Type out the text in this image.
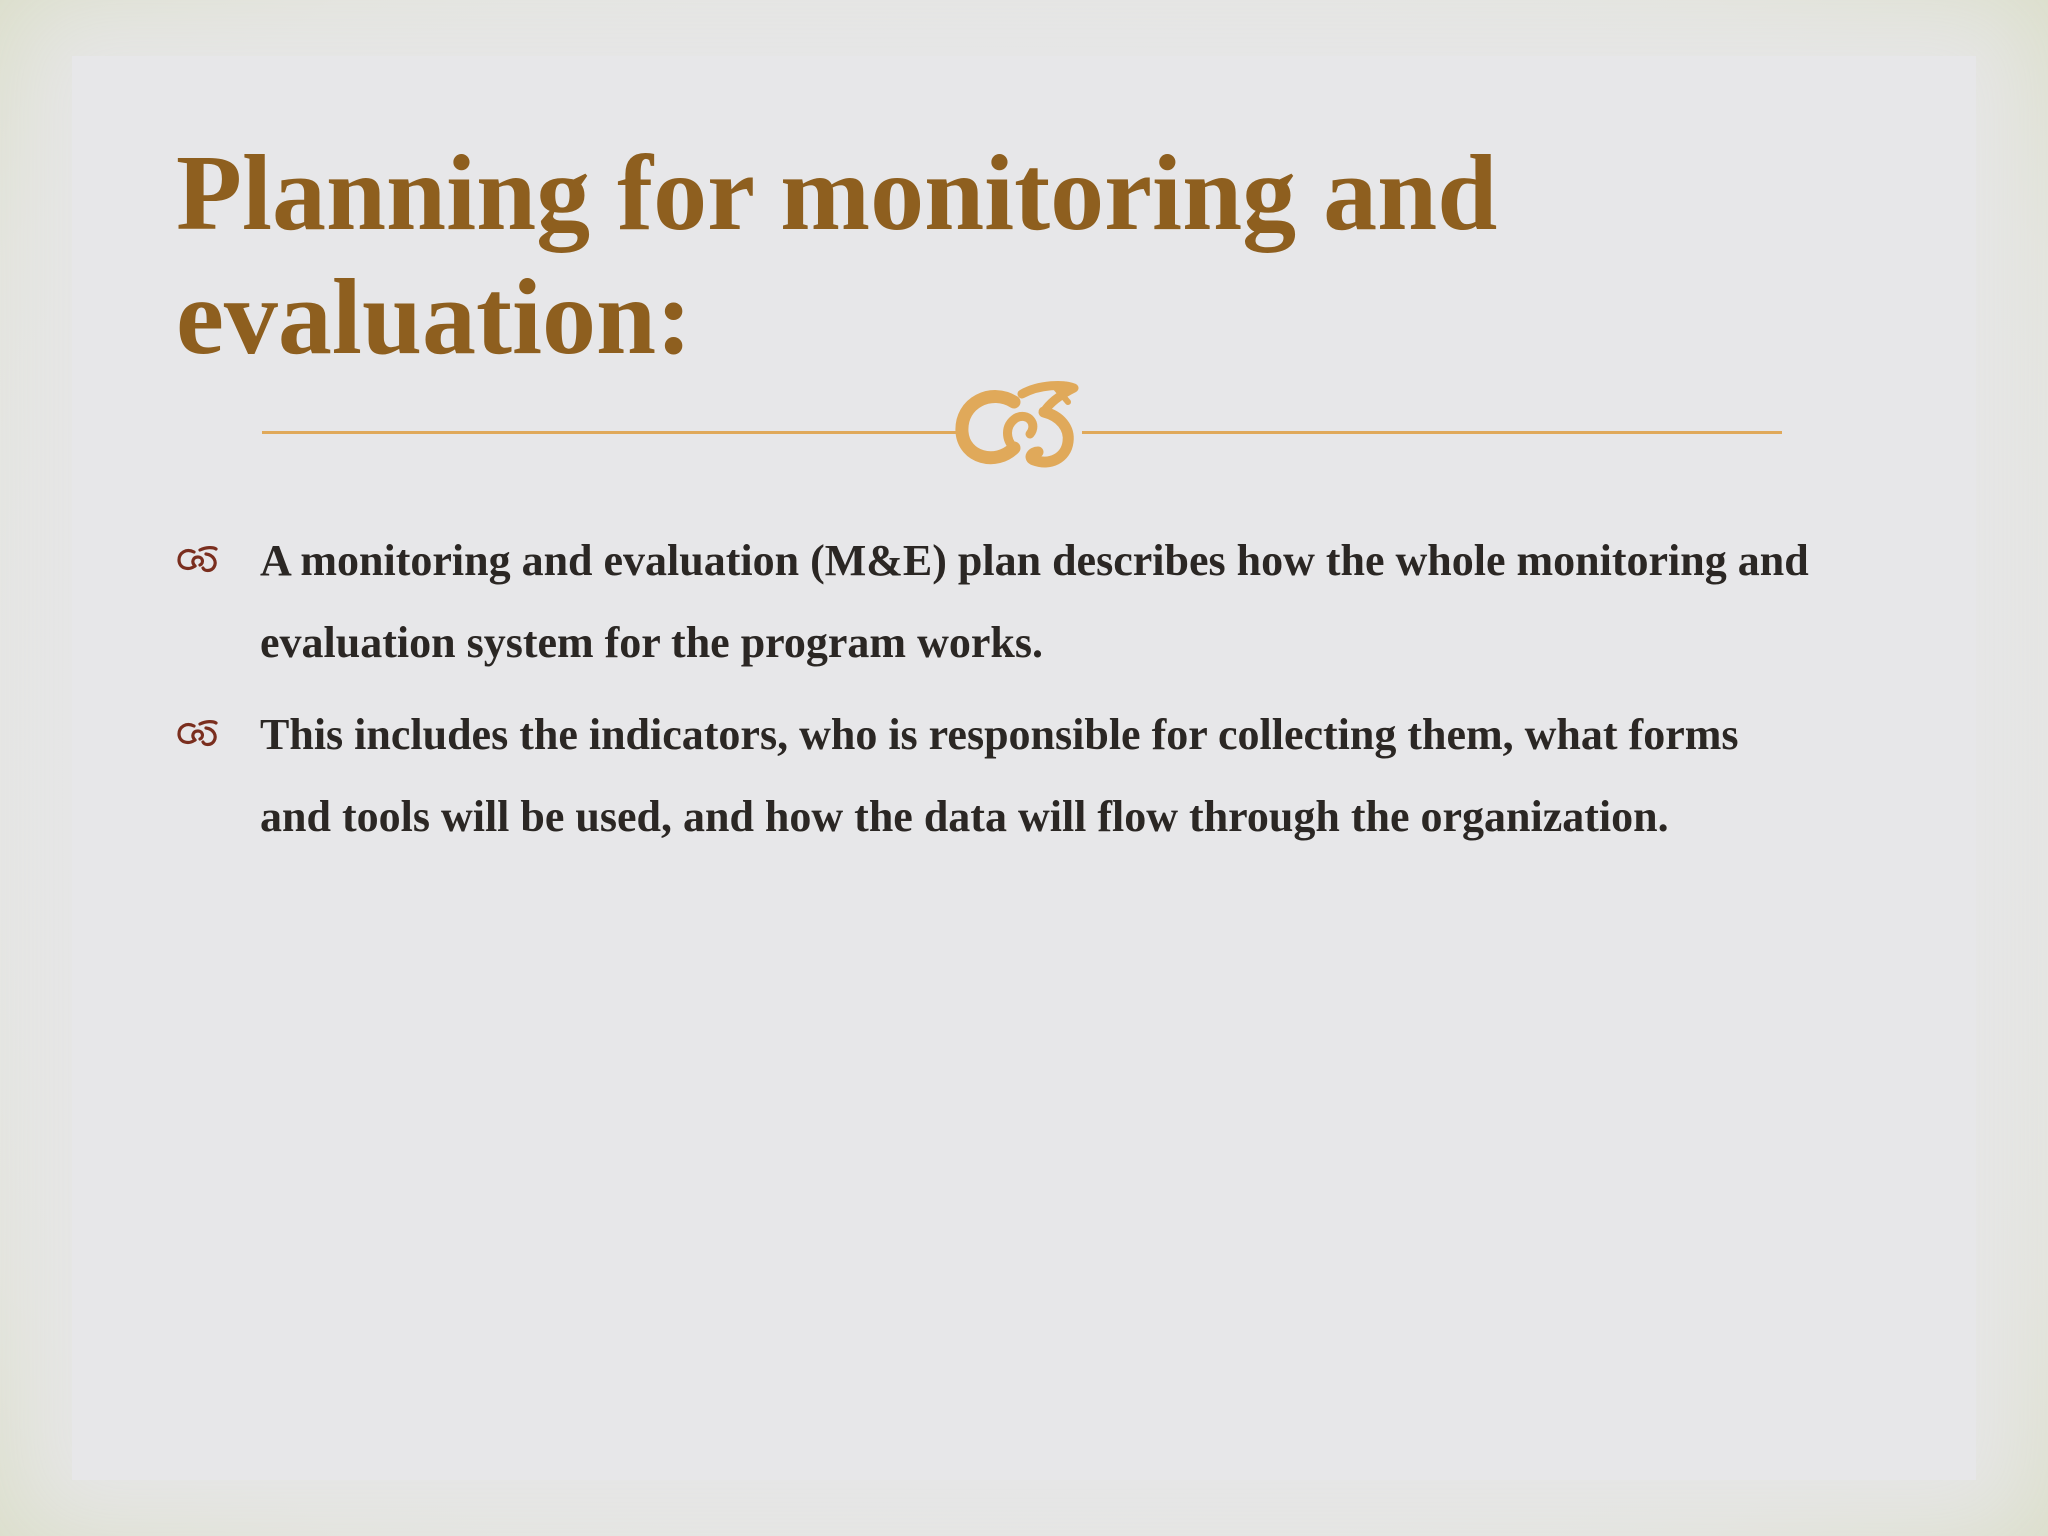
Planning for monitoring and evaluation:
A monitoring and evaluation (M&E) plan describes how the whole monitoring and evaluation system for the program works.
This includes the indicators, who is responsible for collecting them, what forms and tools will be used, and how the data will flow through the organization.
